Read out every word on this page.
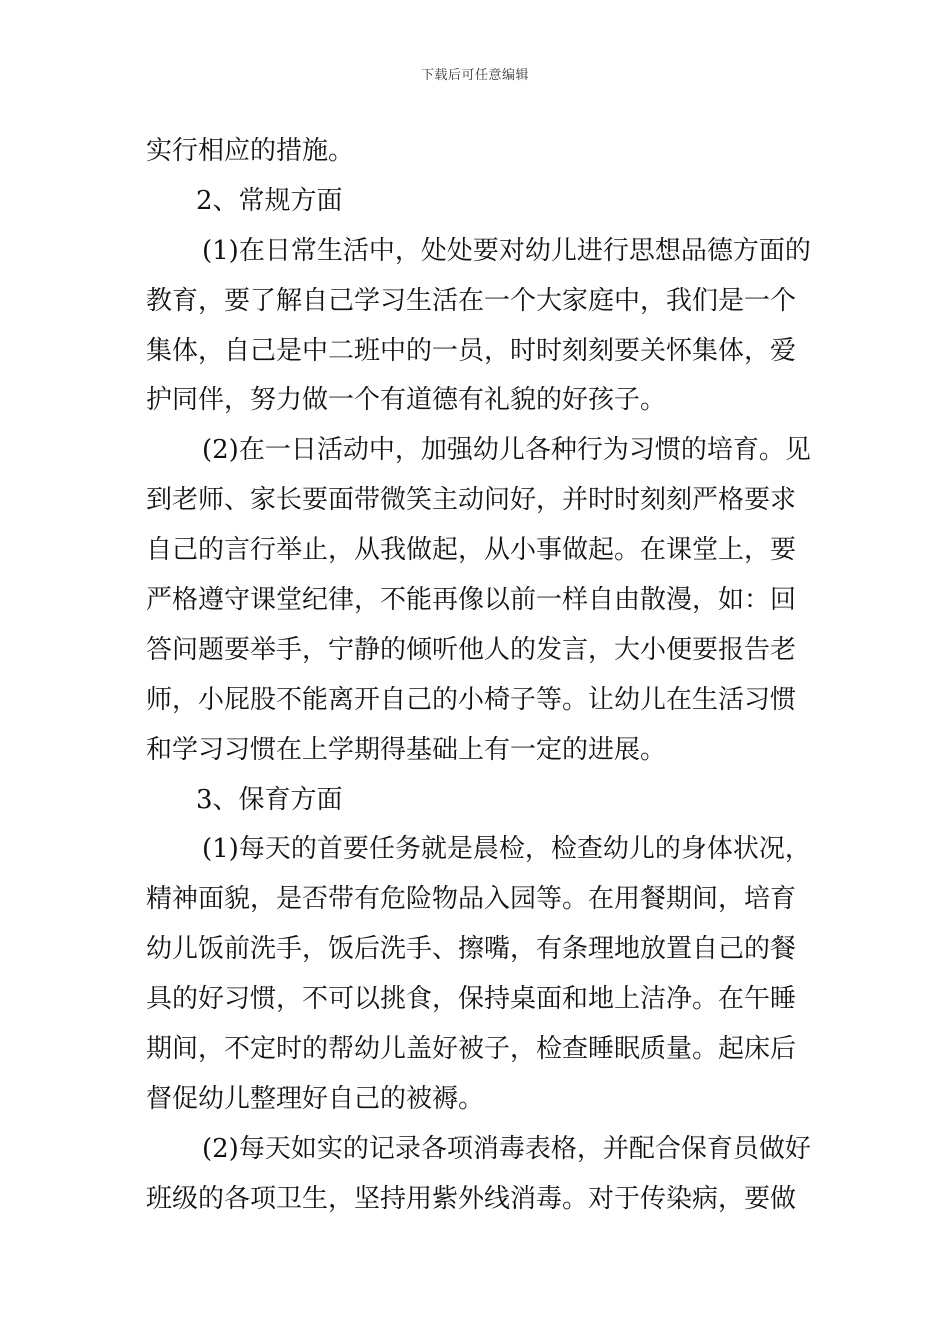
下载后可任意编辑
实行相应的措施。
2、常规方面
(1)在日常生活中，处处要对幼儿进行思想品德方面的
教育，要了解自己学习生活在一个大家庭中，我们是一个
集体，自己是中二班中的一员，时时刻刻要关怀集体，爱
护同伴，努力做一个有道德有礼貌的好孩子。
(2)在一日活动中，加强幼儿各种行为习惯的培育。见
到老师、家长要面带微笑主动问好，并时时刻刻严格要求
自己的言行举止，从我做起，从小事做起。在课堂上，要
严格遵守课堂纪律，不能再像以前一样自由散漫，如：回
答问题要举手，宁静的倾听他人的发言，大小便要报告老
师，小屁股不能离开自己的小椅子等。让幼儿在生活习惯
和学习习惯在上学期得基础上有一定的进展。
3、保育方面
(1)每天的首要任务就是晨检，检查幼儿的身体状况，
精神面貌，是否带有危险物品入园等。在用餐期间，培育
幼儿饭前洗手，饭后洗手、擦嘴，有条理地放置自己的餐
具的好习惯，不可以挑食，保持桌面和地上洁净。在午睡
期间，不定时的帮幼儿盖好被子，检查睡眠质量。起床后
督促幼儿整理好自己的被褥。
(2)每天如实的记录各项消毒表格，并配合保育员做好
班级的各项卫生，坚持用紫外线消毒。对于传染病，要做
